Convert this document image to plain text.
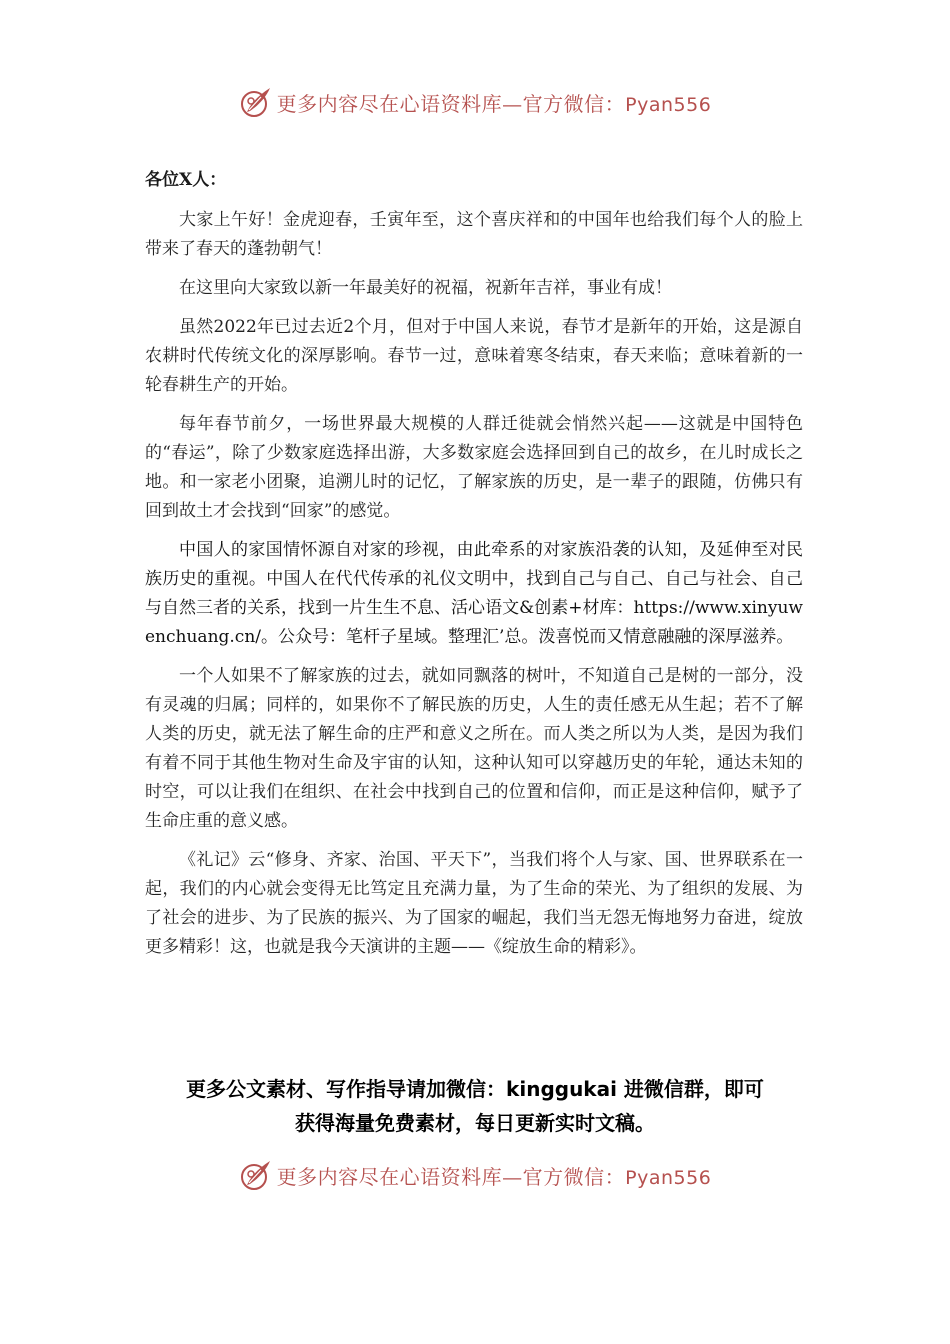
更多内容尽在心语资料库—官方微信：Pyan556

各位X人：

大家上午好！金虎迎春，壬寅年至，这个喜庆祥和的中国年也给我们每个人的脸上带来了春天的蓬勃朝气！

在这里向大家致以新一年最美好的祝福，祝新年吉祥，事业有成！

虽然2022年已过去近2个月，但对于中国人来说，春节才是新年的开始，这是源自农耕时代传统文化的深厚影响。春节一过，意味着寒冬结束，春天来临；意味着新的一轮春耕生产的开始。

每年春节前夕，一场世界最大规模的人群迁徙就会悄然兴起——这就是中国特色的“春运”，除了少数家庭选择出游，大多数家庭会选择回到自己的故乡，在儿时成长之地。和一家老小团聚，追溯儿时的记忆，了解家族的历史，是一辈子的跟随，仿佛只有回到故土才会找到“回家”的感觉。

中国人的家国情怀源自对家的珍视，由此牵系的对家族沿袭的认知，及延伸至对民族历史的重视。中国人在代代传承的礼仪文明中，找到自己与自己、自己与社会、自己与自然三者的关系，找到一片生生不息、活心语文&创素+材库：https://www.xinyuwenchuang.cn/。公众号：笔杆子星域。整理汇’总。泼喜悦而又情意融融的深厚滋养。

一个人如果不了解家族的过去，就如同飘落的树叶，不知道自己是树的一部分，没有灵魂的归属；同样的，如果你不了解民族的历史，人生的责任感无从生起；若不了解人类的历史，就无法了解生命的庄严和意义之所在。而人类之所以为人类，是因为我们有着不同于其他生物对生命及宇宙的认知，这种认知可以穿越历史的年轮，通达未知的时空，可以让我们在组织、在社会中找到自己的位置和信仰，而正是这种信仰，赋予了生命庄重的意义感。

《礼记》云“修身、齐家、治国、平天下”，当我们将个人与家、国、世界联系在一起，我们的内心就会变得无比笃定且充满力量，为了生命的荣光、为了组织的发展、为了社会的进步、为了民族的振兴、为了国家的崛起，我们当无怨无悔地努力奋进，绽放更多精彩！这，也就是我今天演讲的主题——《绽放生命的精彩》。

更多公文素材、写作指导请加微信：kinggukai 进微信群，即可
获得海量免费素材，每日更新实时文稿。
更多内容尽在心语资料库—官方微信：Pyan556
